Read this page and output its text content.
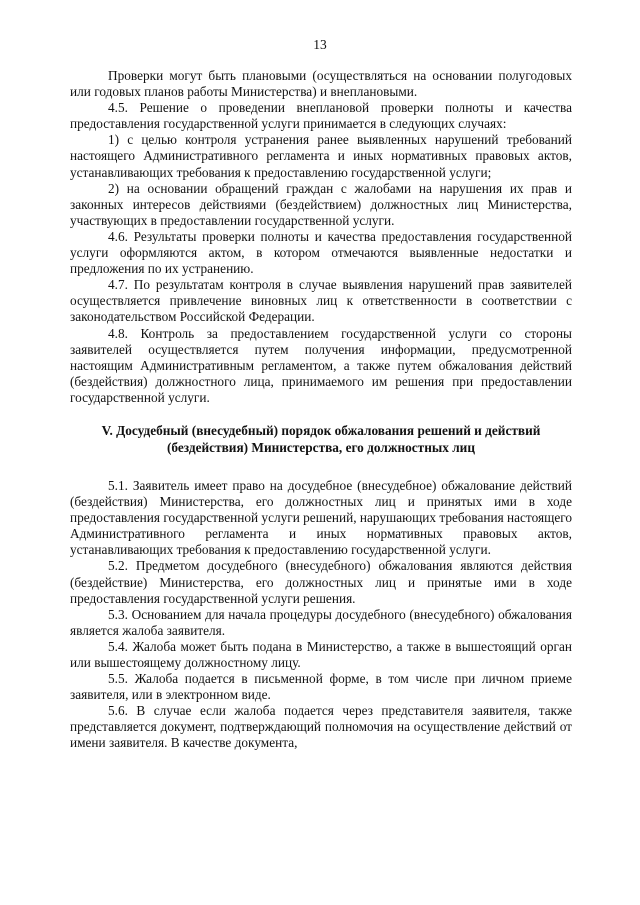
13

Проверки могут быть плановыми (осуществляться на основании полугодовых или годовых планов работы Министерства) и внеплановыми.

4.5. Решение о проведении внеплановой проверки полноты и качества предоставления государственной услуги принимается в следующих случаях:

1) с целью контроля устранения ранее выявленных нарушений требований настоящего Административного регламента и иных нормативных правовых актов, устанавливающих требования к предоставлению государственной услуги;

2) на основании обращений граждан с жалобами на нарушения их прав и законных интересов действиями (бездействием) должностных лиц Министерства, участвующих в предоставлении государственной услуги.

4.6. Результаты проверки полноты и качества предоставления государственной услуги оформляются актом, в котором отмечаются выявленные недостатки и предложения по их устранению.

4.7. По результатам контроля в случае выявления нарушений прав заявителей осуществляется привлечение виновных лиц к ответственности в соответствии с законодательством Российской Федерации.

4.8. Контроль за предоставлением государственной услуги со стороны заявителей осуществляется путем получения информации, предусмотренной настоящим Административным регламентом, а также путем обжалования действий (бездействия) должностного лица, принимаемого им решения при предоставлении государственной услуги.

V. Досудебный (внесудебный) порядок обжалования решений и действий (бездействия) Министерства, его должностных лиц

5.1. Заявитель имеет право на досудебное (внесудебное) обжалование действий (бездействия) Министерства, его должностных лиц и принятых ими в ходе предоставления государственной услуги решений, нарушающих требования настоящего Административного регламента и иных нормативных правовых актов, устанавливающих требования к предоставлению государственной услуги.

5.2. Предметом досудебного (внесудебного) обжалования являются действия (бездействие) Министерства, его должностных лиц и принятые ими в ходе предоставления государственной услуги решения.

5.3. Основанием для начала процедуры досудебного (внесудебного) обжалования является жалоба заявителя.

5.4. Жалоба может быть подана в Министерство, а также в вышестоящий орган или вышестоящему должностному лицу.

5.5. Жалоба подается в письменной форме, в том числе при личном приеме заявителя, или в электронном виде.

5.6. В случае если жалоба подается через представителя заявителя, также представляется документ, подтверждающий полномочия на осуществление действий от имени заявителя. В качестве документа,
